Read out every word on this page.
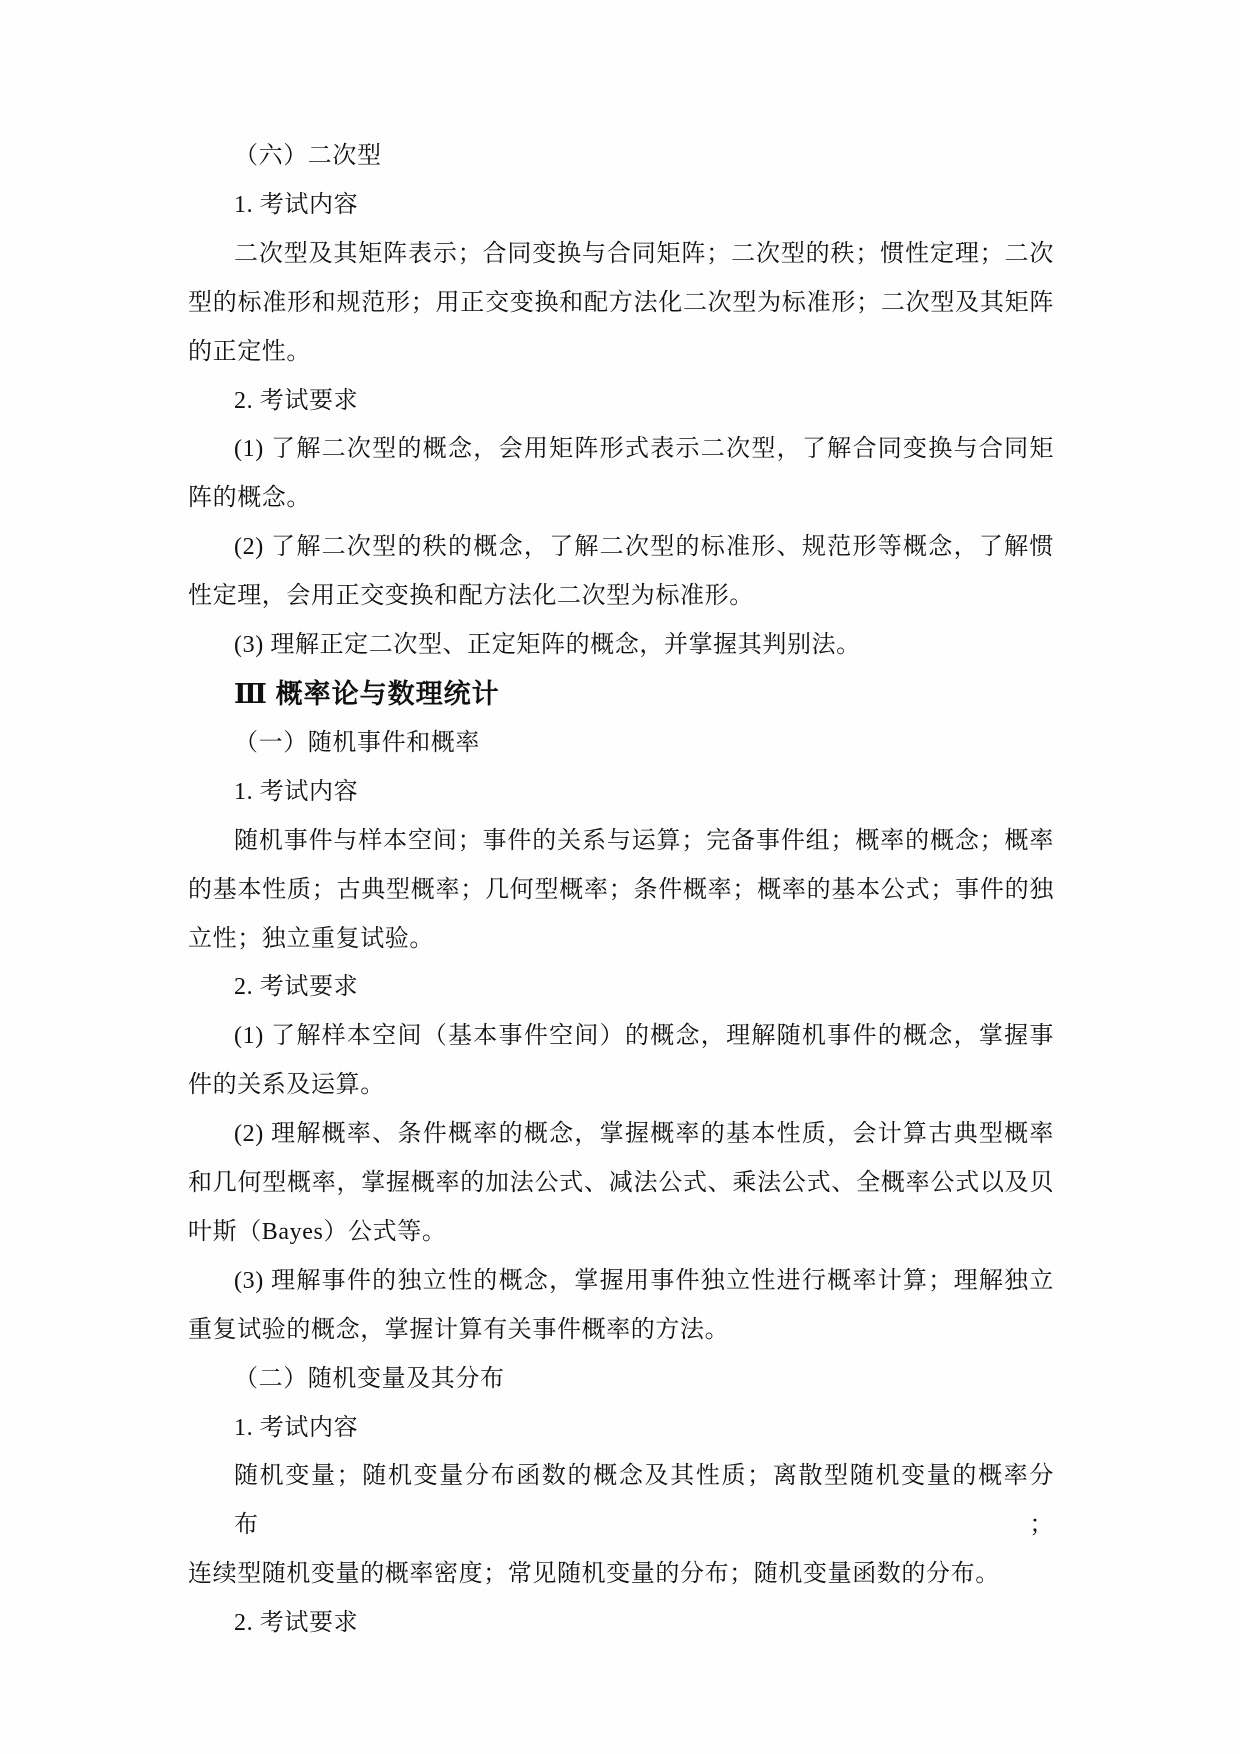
（六）二次型
1. 考试内容
二次型及其矩阵表示；合同变换与合同矩阵；二次型的秩；惯性定理；二次
型的标准形和规范形；用正交变换和配方法化二次型为标准形；二次型及其矩阵
的正定性。
2. 考试要求
(1) 了解二次型的概念，会用矩阵形式表示二次型，了解合同变换与合同矩
阵的概念。
(2) 了解二次型的秩的概念，了解二次型的标准形、规范形等概念，了解惯
性定理，会用正交变换和配方法化二次型为标准形。
(3) 理解正定二次型、正定矩阵的概念，并掌握其判别法。
Ⅲ 概率论与数理统计
（一）随机事件和概率
1. 考试内容
随机事件与样本空间；事件的关系与运算；完备事件组；概率的概念；概率
的基本性质；古典型概率；几何型概率；条件概率；概率的基本公式；事件的独
立性；独立重复试验。
2. 考试要求
(1) 了解样本空间（基本事件空间）的概念，理解随机事件的概念，掌握事
件的关系及运算。
(2) 理解概率、条件概率的概念，掌握概率的基本性质，会计算古典型概率
和几何型概率，掌握概率的加法公式、减法公式、乘法公式、全概率公式以及贝
叶斯（Bayes）公式等。
(3) 理解事件的独立性的概念，掌握用事件独立性进行概率计算；理解独立
重复试验的概念，掌握计算有关事件概率的方法。
（二）随机变量及其分布
1. 考试内容
随机变量；随机变量分布函数的概念及其性质；离散型随机变量的概率分布；
连续型随机变量的概率密度；常见随机变量的分布；随机变量函数的分布。
2. 考试要求
